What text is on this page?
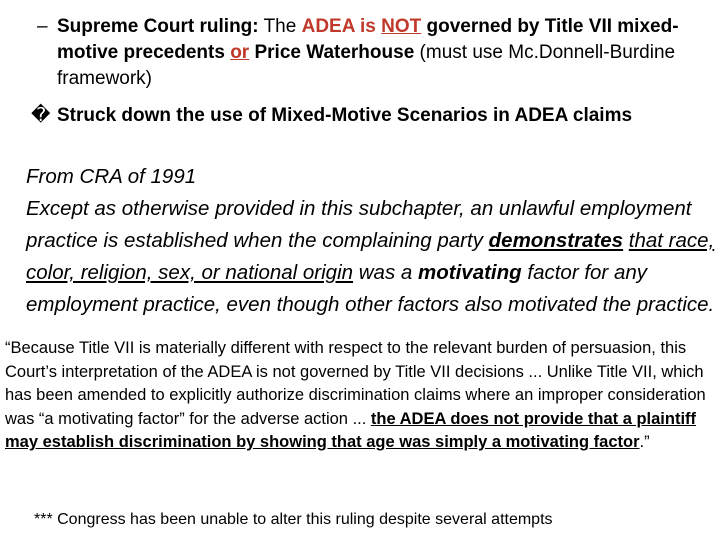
– Supreme Court ruling: The ADEA is NOT governed by Title VII mixed-motive precedents or Price Waterhouse (must use Mc.Donnell-Burdine framework)
� Struck down the use of Mixed-Motive Scenarios in ADEA claims
From CRA of 1991
Except as otherwise provided in this subchapter, an unlawful employment practice is established when the complaining party demonstrates that race, color, religion, sex, or national origin was a motivating factor for any employment practice, even though other factors also motivated the practice.
“Because Title VII is materially different with respect to the relevant burden of persuasion, this Court’s interpretation of the ADEA is not governed by Title VII decisions ... Unlike Title VII, which has been amended to explicitly authorize discrimination claims where an improper consideration was “a motivating factor” for the adverse action ... the ADEA does not provide that a plaintiff may establish discrimination by showing that age was simply a motivating factor.”
*** Congress has been unable to alter this ruling despite several attempts
